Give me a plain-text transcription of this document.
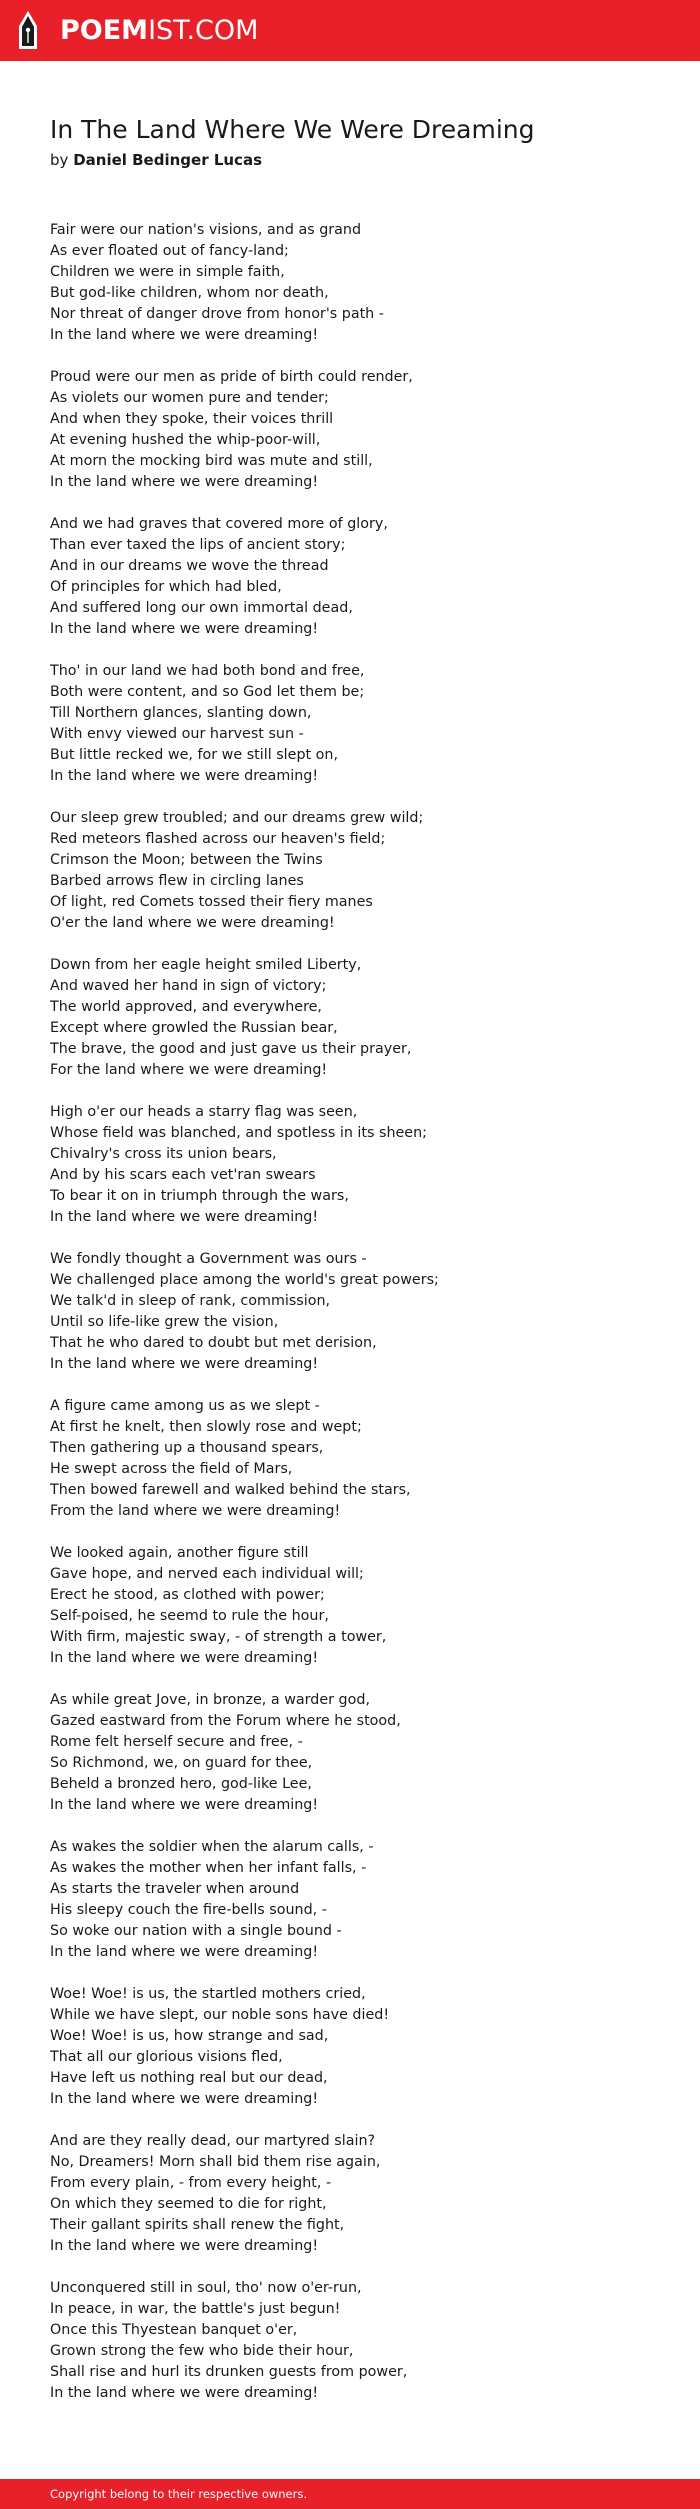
POEMIST.COM
In The Land Where We Were Dreaming
by Daniel Bedinger Lucas

Fair were our nation's visions, and as grand
As ever floated out of fancy-land;
Children we were in simple faith,
But god-like children, whom nor death,
Nor threat of danger drove from honor's path -
In the land where we were dreaming!

Proud were our men as pride of birth could render,
As violets our women pure and tender;
And when they spoke, their voices thrill
At evening hushed the whip-poor-will,
At morn the mocking bird was mute and still,
In the land where we were dreaming!

And we had graves that covered more of glory,
Than ever taxed the lips of ancient story;
And in our dreams we wove the thread
Of principles for which had bled,
And suffered long our own immortal dead,
In the land where we were dreaming!

Tho' in our land we had both bond and free,
Both were content, and so God let them be;
Till Northern glances, slanting down,
With envy viewed our harvest sun -
But little recked we, for we still slept on,
In the land where we were dreaming!

Our sleep grew troubled; and our dreams grew wild;
Red meteors flashed across our heaven's field;
Crimson the Moon; between the Twins
Barbed arrows flew in circling lanes
Of light, red Comets tossed their fiery manes
O'er the land where we were dreaming!

Down from her eagle height smiled Liberty,
And waved her hand in sign of victory;
The world approved, and everywhere,
Except where growled the Russian bear,
The brave, the good and just gave us their prayer,
For the land where we were dreaming!

High o'er our heads a starry flag was seen,
Whose field was blanched, and spotless in its sheen;
Chivalry's cross its union bears,
And by his scars each vet'ran swears
To bear it on in triumph through the wars,
In the land where we were dreaming!

We fondly thought a Government was ours -
We challenged place among the world's great powers;
We talk'd in sleep of rank, commission,
Until so life-like grew the vision,
That he who dared to doubt but met derision,
In the land where we were dreaming!

A figure came among us as we slept -
At first he knelt, then slowly rose and wept;
Then gathering up a thousand spears,
He swept across the field of Mars,
Then bowed farewell and walked behind the stars,
From the land where we were dreaming!

We looked again, another figure still
Gave hope, and nerved each individual will;
Erect he stood, as clothed with power;
Self-poised, he seemd to rule the hour,
With firm, majestic sway, - of strength a tower,
In the land where we were dreaming!

As while great Jove, in bronze, a warder god,
Gazed eastward from the Forum where he stood,
Rome felt herself secure and free, -
So Richmond, we, on guard for thee,
Beheld a bronzed hero, god-like Lee,
In the land where we were dreaming!

As wakes the soldier when the alarum calls, -
As wakes the mother when her infant falls, -
As starts the traveler when around
His sleepy couch the fire-bells sound, -
So woke our nation with a single bound -
In the land where we were dreaming!

Woe! Woe! is us, the startled mothers cried,
While we have slept, our noble sons have died!
Woe! Woe! is us, how strange and sad,
That all our glorious visions fled,
Have left us nothing real but our dead,
In the land where we were dreaming!

And are they really dead, our martyred slain?
No, Dreamers! Morn shall bid them rise again,
From every plain, - from every height, -
On which they seemed to die for right,
Their gallant spirits shall renew the fight,
In the land where we were dreaming!

Unconquered still in soul, tho' now o'er-run,
In peace, in war, the battle's just begun!
Once this Thyestean banquet o'er,
Grown strong the few who bide their hour,
Shall rise and hurl its drunken guests from power,
In the land where we were dreaming!

Copyright belong to their respective owners.
